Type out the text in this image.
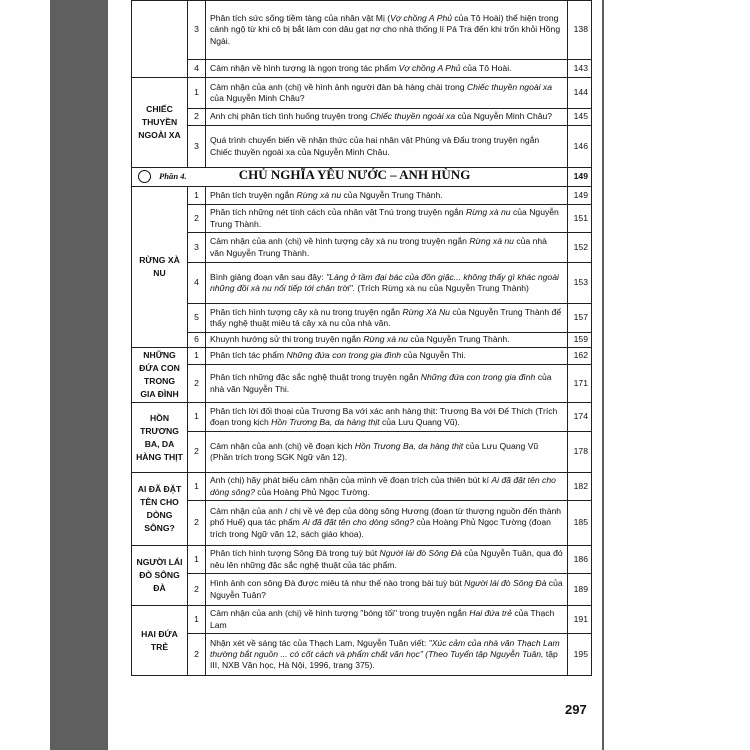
	3	Phân tích sức sống tiềm tàng của nhân vật Mị (Vợ chồng A Phủ của Tô Hoài) thể hiện trong cảnh ngộ từ khi cô bị bắt làm con dâu gạt nợ cho nhà thống lí Pá Tra đến khi trốn khỏi Hồng Ngài.	138
	4	Cảm nhận về hình tượng là ngọn trong tác phẩm Vợ chồng A Phủ của Tô Hoài.	143
CHIẾC THUYỀN NGOÀI XA	1	Cảm nhận của anh (chị) về hình ảnh người đàn bà hàng chài trong Chiếc thuyền ngoài xa của Nguyễn Minh Châu?	144
	2	Anh chị phân tích tình huống truyện trong Chiếc thuyền ngoài xa của Nguyễn Minh Châu?	145
	3	Quá trình chuyển biến về nhận thức của hai nhân vật Phùng và Đẩu trong truyện ngắn Chiếc thuyền ngoài xa của Nguyễn Minh Châu.	146
Phần 4. CHỦ NGHĨA YÊU NƯỚC – ANH HÙNG			149
RỪNG XÀ NU	1	Phân tích truyện ngắn Rừng xà nu của Nguyễn Trung Thành.	149
	2	Phân tích những nét tính cách của nhân vật Tnú trong truyện ngắn Rừng xà nu của Nguyễn Trung Thành.	151
	3	Cảm nhận của anh (chị) về hình tượng cây xà nu trong truyện ngắn Rừng xà nu của nhà văn Nguyễn Trung Thành.	152
	4	Bình giảng đoạn văn sau đây: "Làng ở tầm đại bác của đồn giặc... không thấy gì khác ngoài những đồi xà nu nối tiếp tới chân trời". (Trích Rừng xà nu của Nguyễn Trung Thành)	153
	5	Phân tích hình tượng cây xà nu trong truyện ngắn Rừng Xà Nu của Nguyễn Trung Thành để thấy nghệ thuật miêu tả cây xà nu của nhà văn.	157
	6	Khuynh hướng sử thi trong truyện ngắn Rừng xà nu của Nguyễn Trung Thành.	159
NHỮNG ĐỨA CON TRONG GIA ĐÌNH	1	Phân tích tác phẩm Những đứa con trong gia đình của Nguyễn Thi.	162
	2	Phân tích những đặc sắc nghệ thuật trong truyện ngắn Những đứa con trong gia đình của nhà văn Nguyễn Thi.	171
HỒN TRƯƠNG BA, DA HÀNG THỊT	1	Phân tích lời đối thoại của Trương Ba với xác anh hàng thịt: Trương Ba với Đế Thích (Trích đoạn trong kịch Hồn Trương Ba, da hàng thịt của Lưu Quang Vũ).	174
	2	Cảm nhận của anh (chị) về đoạn kịch Hồn Trương Ba, da hàng thịt của Lưu Quang Vũ (Phần trích trong SGK Ngữ văn 12).	178
AI ĐÃ ĐẶT TÊN CHO DÒNG SÔNG?	1	Anh (chị) hãy phát biểu cảm nhận của mình về đoạn trích của thiên bút kí Ai đã đặt tên cho dòng sông? của Hoàng Phủ Ngọc Tường.	182
	2	Cảm nhận của anh / chị về vẻ đẹp của dòng sông Hương (đoạn từ thượng nguồn đến thành phố Huế) qua tác phẩm Ai đã đặt tên cho dòng sông? của Hoàng Phủ Ngọc Tường (đoạn trích trong Ngữ văn 12, sách giáo khoa).	185
NGƯỜI LÁI ĐÒ SÔNG ĐÀ	1	Phân tích hình tượng Sông Đà trong tuỳ bút Người lái đò Sông Đà của Nguyễn Tuân, qua đó nêu lên những đặc sắc nghệ thuật của tác phẩm.	186
	2	Hình ảnh con sông Đà được miêu tả như thế nào trong bài tuỳ bút Người lái đò Sông Đà của Nguyễn Tuân?	189
HAI ĐỨA TRẺ	1	Cảm nhận của anh (chị) về hình tượng "bóng tối" trong truyện ngắn Hai đứa trẻ của Thạch Lam	191
	2	Nhận xét về sáng tác của Thạch Lam, Nguyễn Tuân viết: "Xúc cảm của nhà văn Thạch Lam thường bắt nguồn ... có cốt cách và phẩm chất văn học" (Theo Tuyển tập Nguyễn Tuân, tập III, NXB Văn học, Hà Nội, 1996, trang 375).	195
297
